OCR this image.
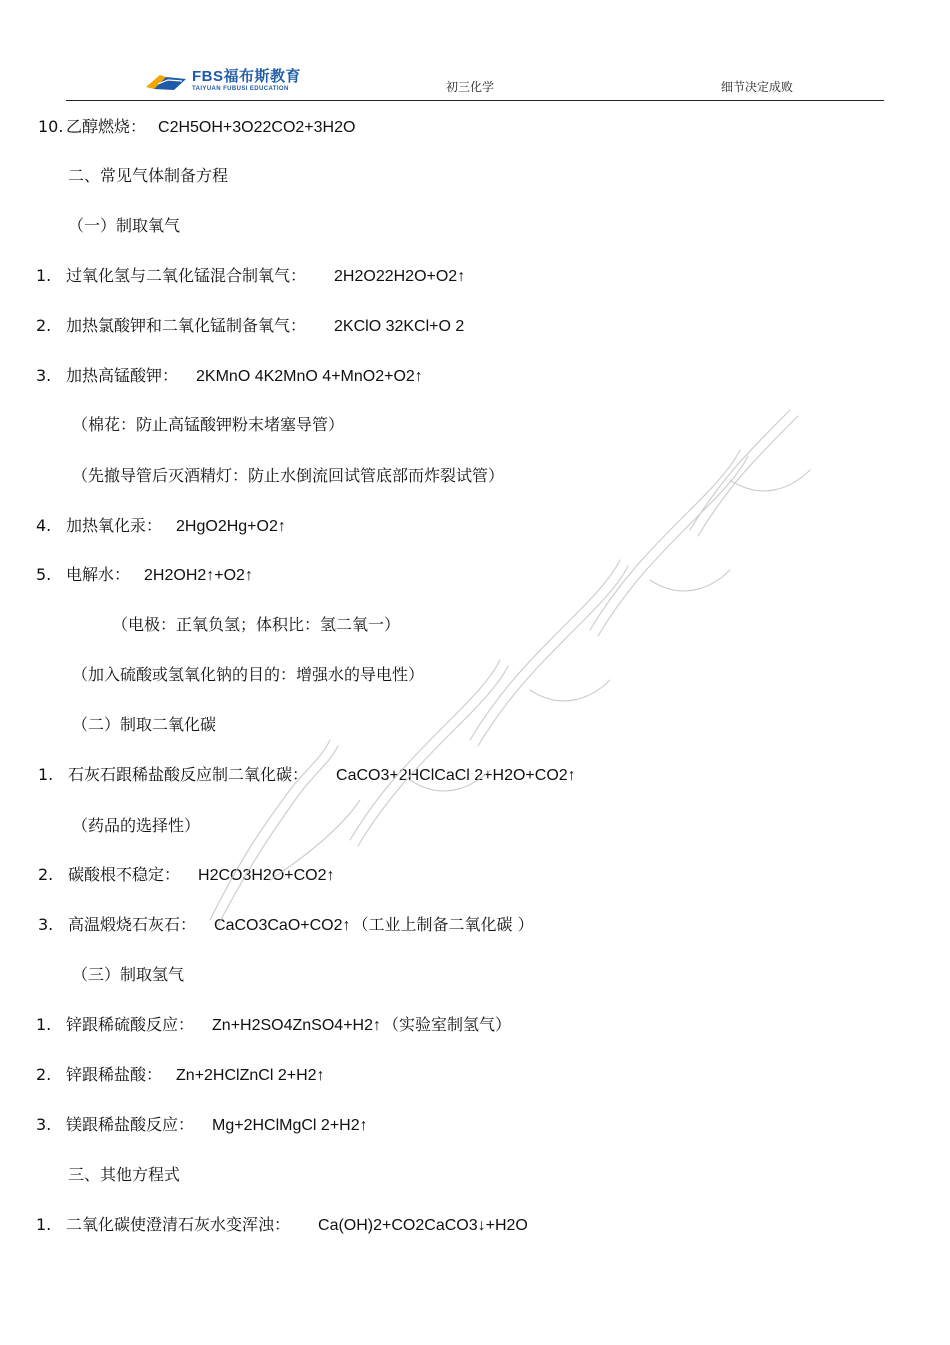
FBS福布斯教育
TAIYUAN FUBUSI EDUCATION	初三化学	细节决定成败
10. 乙醇燃烧： C2H5OH+3O22CO2+3H2O
二、常见气体制备方程
（一）制取氧气
1. 过氧化氢与二氧化锰混合制氧气： 2H2O22H2O+O2↑
2. 加热氯酸钾和二氧化锰制备氧气： 2KClO 32KCl+O 2
3. 加热高锰酸钾： 2KMnO 4K2MnO 4+MnO2+O2↑
（棉花：防止高锰酸钾粉末堵塞导管）
（先撤导管后灭酒精灯：防止水倒流回试管底部而炸裂试管）
4. 加热氧化汞： 2HgO2Hg+O2↑
5. 电解水： 2H2OH2↑+O2↑
（电极：正氧负氢；体积比：氢二氧一）
（加入硫酸或氢氧化钠的目的：增强水的导电性）
（二）制取二氧化碳
1. 石灰石跟稀盐酸反应制二氧化碳： CaCO3+2HClCaCl 2+H2O+CO2↑
（药品的选择性）
2. 碳酸根不稳定： H2CO3H2O+CO2↑
3. 高温煅烧石灰石： CaCO3CaO+CO2↑ （工业上制备二氧化碳 ）
（三）制取氢气
1. 锌跟稀硫酸反应： Zn+H2SO4ZnSO4+H2↑ （实验室制氢气）
2. 锌跟稀盐酸： Zn+2HClZnCl 2+H2↑
3. 镁跟稀盐酸反应： Mg+2HClMgCl 2+H2↑
三、其他方程式
1. 二氧化碳使澄清石灰水变浑浊： Ca(OH)2+CO2CaCO3↓+H2O
